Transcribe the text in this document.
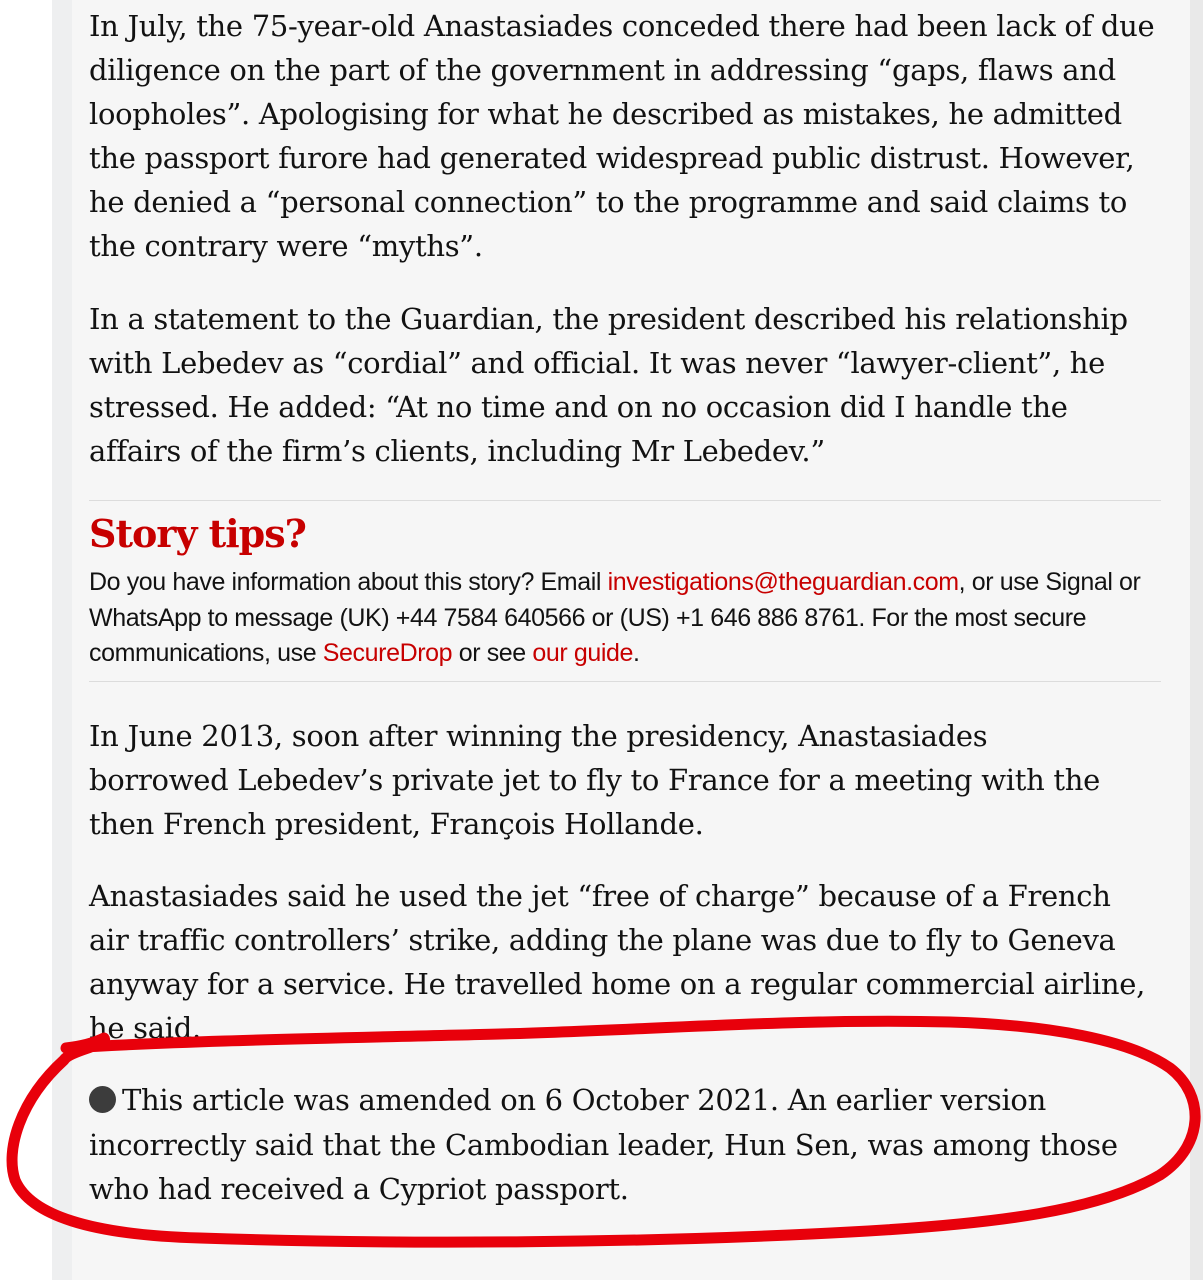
In July, the 75-year-old Anastasiades conceded there had been lack of due diligence on the part of the government in addressing “gaps, flaws and loopholes”. Apologising for what he described as mistakes, he admitted the passport furore had generated widespread public distrust. However, he denied a “personal connection” to the programme and said claims to the contrary were “myths”.

In a statement to the Guardian, the president described his relationship with Lebedev as “cordial” and official. It was never “lawyer-client”, he stressed. He added: “At no time and on no occasion did I handle the affairs of the firm’s clients, including Mr Lebedev.”

Story tips?

Do you have information about this story? Email investigations@theguardian.com, or use Signal or WhatsApp to message (UK) +44 7584 640566 or (US) +1 646 886 8761. For the most secure communications, use SecureDrop or see our guide.

In June 2013, soon after winning the presidency, Anastasiades borrowed Lebedev’s private jet to fly to France for a meeting with the then French president, François Hollande.

Anastasiades said he used the jet “free of charge” because of a French air traffic controllers’ strike, adding the plane was due to fly to Geneva anyway for a service. He travelled home on a regular commercial airline, he said.

This article was amended on 6 October 2021. An earlier version incorrectly said that the Cambodian leader, Hun Sen, was among those who had received a Cypriot passport.
